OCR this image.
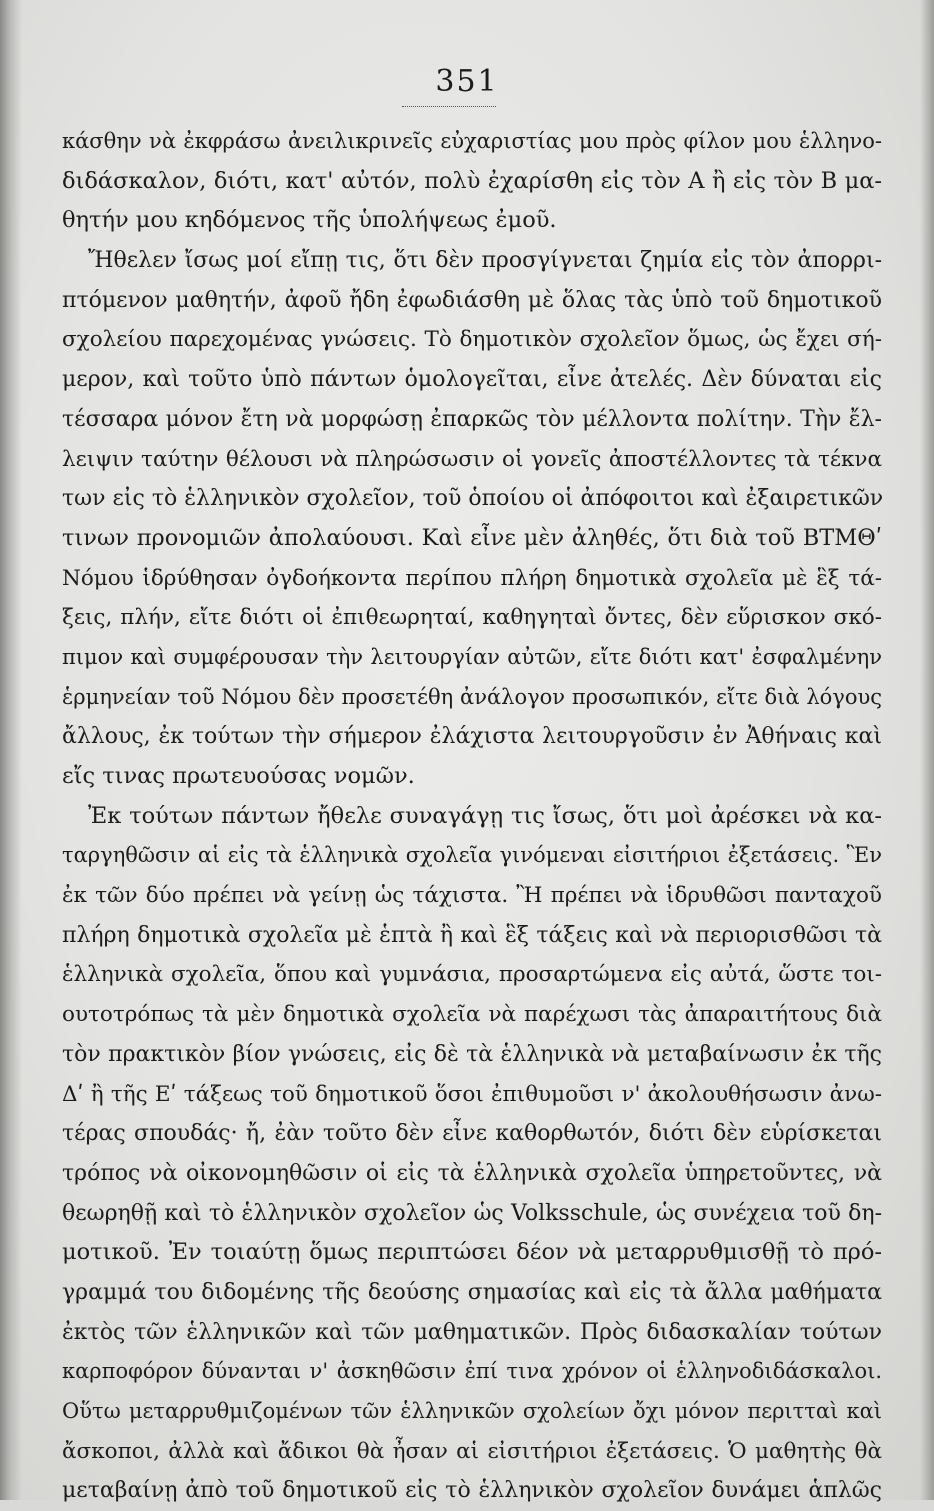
351
κάσθην νὰ ἐκφράσω ἀνειλικρινεῖς εὐχαριστίας μου πρὸς φίλον μου ἑλληνο-
διδάσκαλον, διότι, κατ' αὐτόν, πολὺ ἐχαρίσθη εἰς τὸν Α ἢ εἰς τὸν Β μα-
θητήν μου κηδόμενος τῆς ὑπολήψεως ἐμοῦ.
Ἤθελεν ἴσως μοί εἴπῃ τις, ὅτι δὲν προσγίγνεται ζημία εἰς τὸν ἀπορρι-
πτόμενον μαθητήν, ἀφοῦ ἤδη ἐφωδιάσθη μὲ ὅλας τὰς ὑπὸ τοῦ δημοτικοῦ
σχολείου παρεχομένας γνώσεις. Τὸ δημοτικὸν σχολεῖον ὅμως, ὡς ἔχει σή-
μερον, καὶ τοῦτο ὑπὸ πάντων ὁμολογεῖται, εἶνε ἀτελές. Δὲν δύναται εἰς
τέσσαρα μόνον ἔτη νὰ μορφώσῃ ἐπαρκῶς τὸν μέλλοντα πολίτην. Τὴν ἔλ-
λειψιν ταύτην θέλουσι νὰ πληρώσωσιν οἱ γονεῖς ἀποστέλλοντες τὰ τέκνα
των εἰς τὸ ἑλληνικὸν σχολεῖον, τοῦ ὁποίου οἱ ἀπόφοιτοι καὶ ἐξαιρετικῶν
τινων προνομιῶν ἀπολαύουσι. Καὶ εἶνε μὲν ἀληθές, ὅτι διὰ τοῦ ΒΤΜΘʹ
Νόμου ἱδρύθησαν ὀγδοήκοντα περίπου πλήρη δημοτικὰ σχολεῖα μὲ ἓξ τά-
ξεις, πλήν, εἴτε διότι οἱ ἐπιθεωρηταί, καθηγηταὶ ὄντες, δὲν εὕρισκον σκό-
πιμον καὶ συμφέρουσαν τὴν λειτουργίαν αὐτῶν, εἴτε διότι κατ' ἐσφαλμένην
ἑρμηνείαν τοῦ Νόμου δὲν προσετέθη ἀνάλογον προσωπικόν, εἴτε διὰ λόγους
ἄλλους, ἐκ τούτων τὴν σήμερον ἐλάχιστα λειτουργοῦσιν ἐν Ἀθήναις καὶ
εἴς τινας πρωτευούσας νομῶν.
Ἐκ τούτων πάντων ἤθελε συναγάγῃ τις ἴσως, ὅτι μοὶ ἀρέσκει νὰ κα-
ταργηθῶσιν αἱ εἰς τὰ ἑλληνικὰ σχολεῖα γινόμεναι εἰσιτήριοι ἐξετάσεις. Ἓν
ἐκ τῶν δύο πρέπει νὰ γείνῃ ὡς τάχιστα. Ἢ πρέπει νὰ ἱδρυθῶσι πανταχοῦ
πλήρη δημοτικὰ σχολεῖα μὲ ἑπτὰ ἢ καὶ ἓξ τάξεις καὶ νὰ περιορισθῶσι τὰ
ἑλληνικὰ σχολεῖα, ὅπου καὶ γυμνάσια, προσαρτώμενα εἰς αὐτά, ὥστε τοι-
ουτοτρόπως τὰ μὲν δημοτικὰ σχολεῖα νὰ παρέχωσι τὰς ἀπαραιτήτους διὰ
τὸν πρακτικὸν βίον γνώσεις, εἰς δὲ τὰ ἑλληνικὰ νὰ μεταβαίνωσιν ἐκ τῆς
Δʹ ἢ τῆς Εʹ τάξεως τοῦ δημοτικοῦ ὅσοι ἐπιθυμοῦσι ν' ἀκολουθήσωσιν ἀνω-
τέρας σπουδάς· ἤ, ἐὰν τοῦτο δὲν εἶνε καθορθωτόν, διότι δὲν εὑρίσκεται
τρόπος νὰ οἰκονομηθῶσιν οἱ εἰς τὰ ἑλληνικὰ σχολεῖα ὑπηρετοῦντες, νὰ
θεωρηθῇ καὶ τὸ ἑλληνικὸν σχολεῖον ὡς Volksschule, ὡς συνέχεια τοῦ δη-
μοτικοῦ. Ἐν τοιαύτῃ ὅμως περιπτώσει δέον νὰ μεταρρυθμισθῇ τὸ πρό-
γραμμά του διδομένης τῆς δεούσης σημασίας καὶ εἰς τὰ ἄλλα μαθήματα
ἐκτὸς τῶν ἑλληνικῶν καὶ τῶν μαθηματικῶν. Πρὸς διδασκαλίαν τούτων
καρποφόρον δύνανται ν' ἀσκηθῶσιν ἐπί τινα χρόνον οἱ ἑλληνοδιδάσκαλοι.
Οὕτω μεταρρυθμιζομένων τῶν ἑλληνικῶν σχολείων ὄχι μόνον περιτταὶ καὶ
ἄσκοποι, ἀλλὰ καὶ ἄδικοι θὰ ἦσαν αἱ εἰσιτήριοι ἐξετάσεις. Ὁ μαθητὴς θὰ
μεταβαίνῃ ἀπὸ τοῦ δημοτικοῦ εἰς τὸ ἑλληνικὸν σχολεῖον δυνάμει ἁπλῶς
